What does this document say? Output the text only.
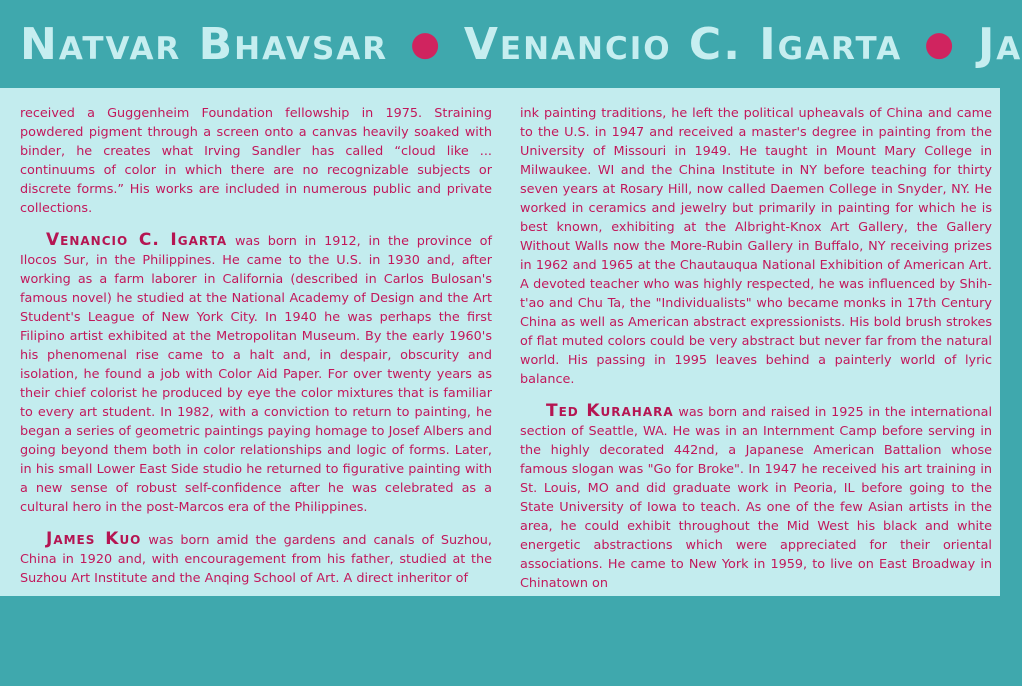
Natvar Bhavsar ● Venancio C. Igarta ● Ja

received a Guggenheim Foundation fellowship in 1975. Straining powdered pigment through a screen onto a canvas heavily soaked with binder, he creates what Irving Sandler has called “cloud like ... continuums of color in which there are no recognizable subjects or discrete forms.” His works are included in numerous public and private collections.

Venancio C. Igarta was born in 1912, in the province of Ilocos Sur, in the Philippines. He came to the U.S. in 1930 and, after working as a farm laborer in California (described in Carlos Bulosan's famous novel) he studied at the National Academy of Design and the Art Student's League of New York City. In 1940 he was perhaps the first Filipino artist exhibited at the Metropolitan Museum. By the early 1960's his phenomenal rise came to a halt and, in despair, obscurity and isolation, he found a job with Color Aid Paper. For over twenty years as their chief colorist he produced by eye the color mixtures that is familiar to every art student. In 1982, with a conviction to return to painting, he began a series of geometric paintings paying homage to Josef Albers and going beyond them both in color relationships and logic of forms. Later, in his small Lower East Side studio he returned to figurative painting with a new sense of robust self-confidence after he was celebrated as a cultural hero in the post-Marcos era of the Philippines.

James Kuo was born amid the gardens and canals of Suzhou, China in 1920 and, with encouragement from his father, studied at the Suzhou Art Institute and the Anqing School of Art. A direct inheritor of

ink painting traditions, he left the political upheavals of China and came to the U.S. in 1947 and received a master's degree in painting from the University of Missouri in 1949. He taught in Mount Mary College in Milwaukee. WI and the China Institute in NY before teaching for thirty seven years at Rosary Hill, now called Daemen College in Snyder, NY. He worked in ceramics and jewelry but primarily in painting for which he is best known, exhibiting at the Albright-Knox Art Gallery, the Gallery Without Walls now the More-Rubin Gallery in Buffalo, NY receiving prizes in 1962 and 1965 at the Chautauqua National Exhibition of American Art. A devoted teacher who was highly respected, he was influenced by Shih-t'ao and Chu Ta, the "Individualists" who became monks in 17th Century China as well as American abstract expressionists. His bold brush strokes of flat muted colors could be very abstract but never far from the natural world. His passing in 1995 leaves behind a painterly world of lyric balance.

Ted Kurahara was born and raised in 1925 in the international section of Seattle, WA. He was in an Internment Camp before serving in the highly decorated 442nd, a Japanese American Battalion whose famous slogan was "Go for Broke". In 1947 he received his art training in St. Louis, MO and did graduate work in Peoria, IL before going to the State University of Iowa to teach. As one of the few Asian artists in the area, he could exhibit throughout the Mid West his black and white energetic abstractions which were appreciated for their oriental associations. He came to New York in 1959, to live on East Broadway in Chinatown on
